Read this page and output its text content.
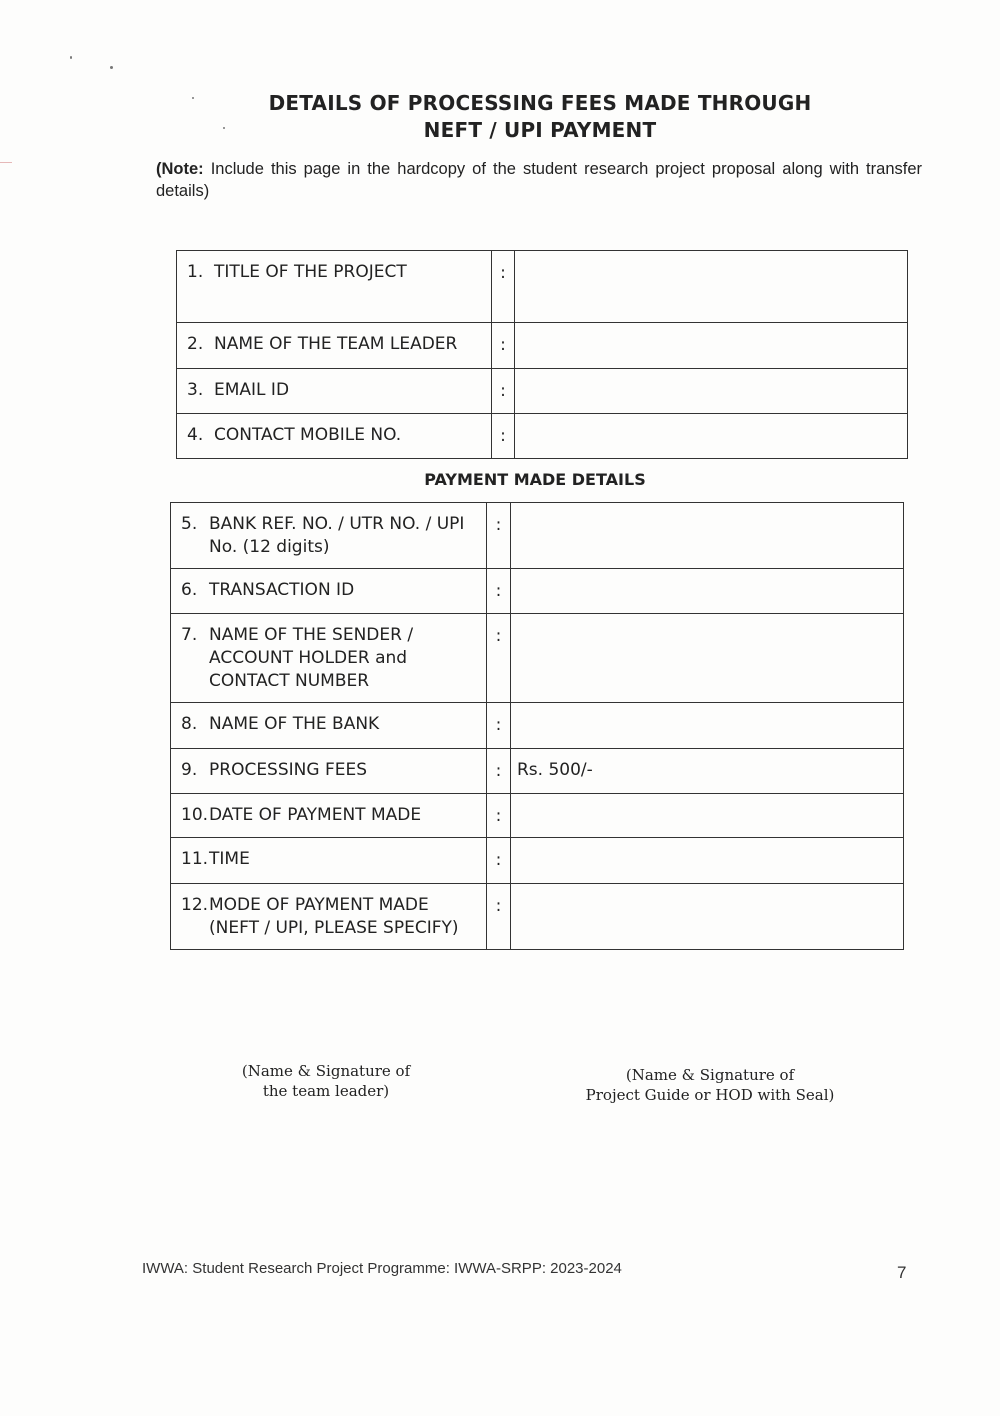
DETAILS OF PROCESSING FEES MADE THROUGH
NEFT / UPI PAYMENT
(Note: Include this page in the hardcopy of the student research project proposal along with transfer details)
1. TITLE OF THE PROJECT	:	

2. NAME OF THE TEAM LEADER	:	

3. EMAIL ID	:	

4. CONTACT MOBILE NO.	:	
PAYMENT MADE DETAILS
5. BANK REF. NO. / UTR NO. / UPI No. (12 digits)	:	

6. TRANSACTION ID	:	

7. NAME OF THE SENDER / ACCOUNT HOLDER and CONTACT NUMBER	:	

8. NAME OF THE BANK	:	

9. PROCESSING FEES	:	Rs. 500/-

10. DATE OF PAYMENT MADE	:	

11. TIME	:	

12. MODE OF PAYMENT MADE (NEFT / UPI, PLEASE SPECIFY)	:	
(Name & Signature of
the team leader)
(Name & Signature of
Project Guide or HOD with Seal)
IWWA: Student Research Project Programme: IWWA-SRPP: 2023-2024	7
